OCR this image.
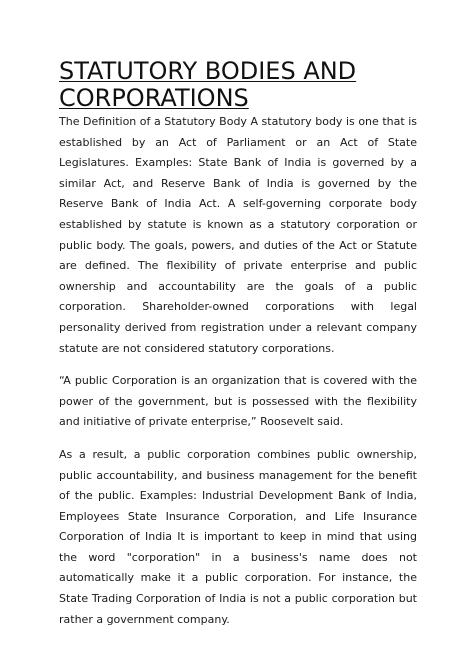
STATUTORY BODIES AND CORPORATIONS

The Definition of a Statutory Body A statutory body is one that is established by an Act of Parliament or an Act of State Legislatures. Examples: State Bank of India is governed by a similar Act, and Reserve Bank of India is governed by the Reserve Bank of India Act. A self-governing corporate body established by statute is known as a statutory corporation or public body. The goals, powers, and duties of the Act or Statute are defined. The flexibility of private enterprise and public ownership and accountability are the goals of a public corporation. Shareholder-owned corporations with legal personality derived from registration under a relevant company statute are not considered statutory corporations.

“A public Corporation is an organization that is covered with the power of the government, but is possessed with the flexibility and initiative of private enterprise,” Roosevelt said.

As a result, a public corporation combines public ownership, public accountability, and business management for the benefit of the public. Examples: Industrial Development Bank of India, Employees State Insurance Corporation, and Life Insurance Corporation of India It is important to keep in mind that using the word "corporation" in a business's name does not automatically make it a public corporation. For instance, the State Trading Corporation of India is not a public corporation but rather a government company.
